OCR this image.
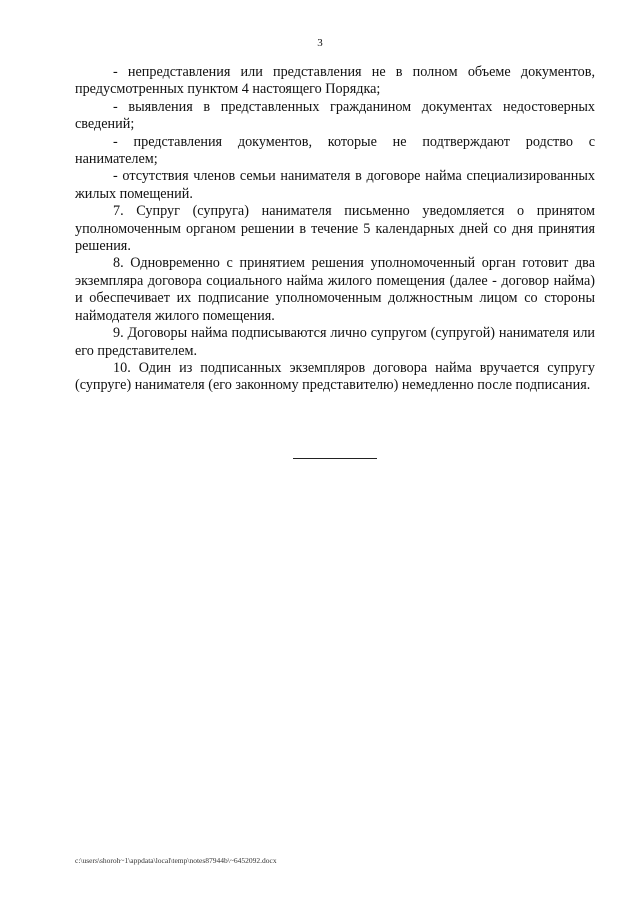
3

- непредставления или представления не в полном объеме документов, предусмотренных пунктом 4 настоящего Порядка;

- выявления в представленных гражданином документах недостоверных сведений;

- представления документов, которые не подтверждают родство с нанимателем;

- отсутствия членов семьи нанимателя в договоре найма специализированных жилых помещений.

7. Супруг (супруга) нанимателя письменно уведомляется о принятом уполномоченным органом решении в течение 5 календарных дней со дня принятия решения.

8. Одновременно с принятием решения уполномоченный орган готовит два экземпляра договора социального найма жилого помещения (далее - договор найма) и обеспечивает их подписание уполномоченным должностным лицом со стороны наймодателя жилого помещения.

9. Договоры найма подписываются лично супругом (супругой) нанимателя или его представителем.

10. Один из подписанных экземпляров договора найма вручается супругу (супруге) нанимателя (его законному представителю) немедленно после подписания.

c:\users\shoroh~1\appdata\local\temp\notes87944b\~6452092.docx
